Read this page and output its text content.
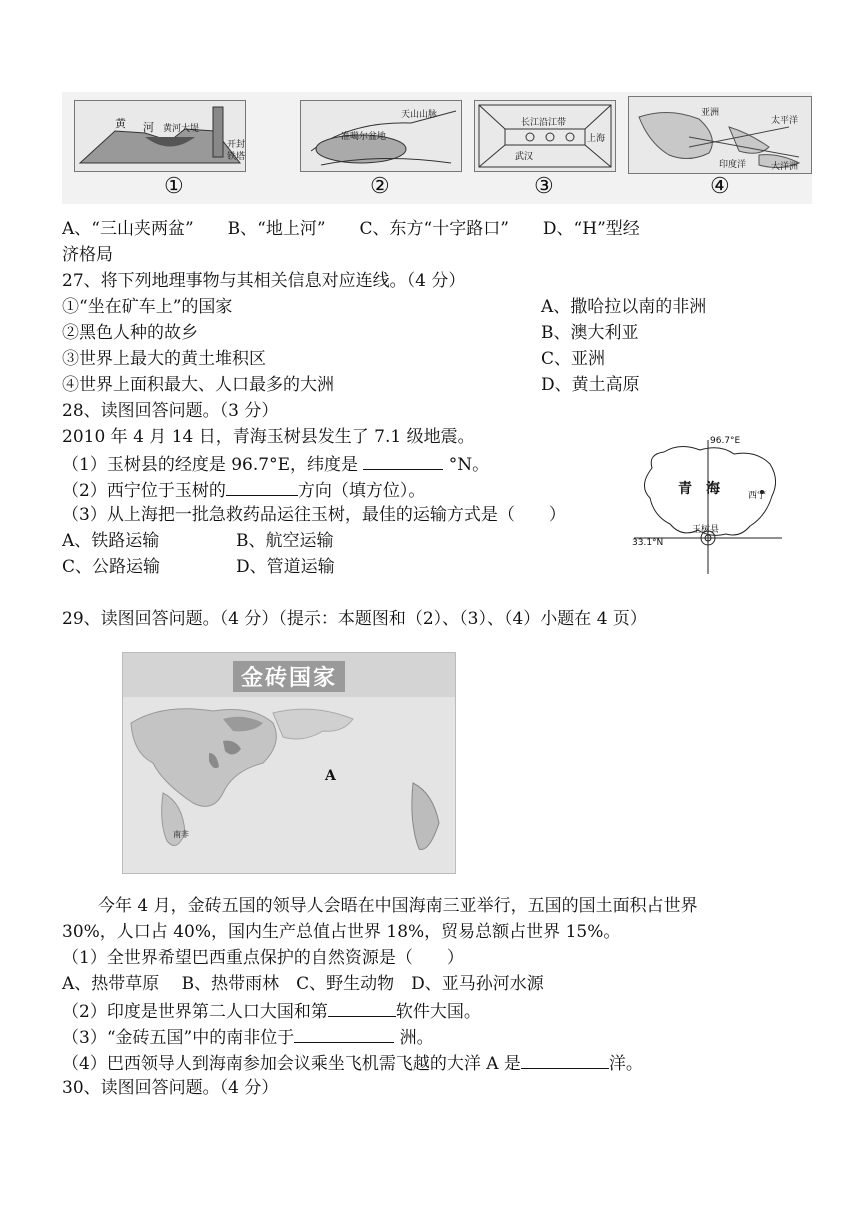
黄 河 黄河大堤
开封
铁塔
①
天山山脉
准噶尔盆地
②
长江沿江带
武汉
上海
③
亚洲
太平洋
印度洋	大洋洲
④
A、“三山夹两盆”　　B、“地上河”　　C、东方“十字路口”　　D、“H”型经
济格局
27、将下列地理事物与其相关信息对应连线。（4 分）
①“坐在矿车上”的国家	A、撒哈拉以南的非洲
②黑色人种的故乡	B、澳大利亚
③世界上最大的黄土堆积区	C、亚洲
④世界上面积最大、人口最多的大洲	D、黄土高原
28、读图回答问题。（3 分）
2010 年 4 月 14 日，青海玉树县发生了 7.1 级地震。
（1）玉树县的经度是 96.7°E，纬度是	°N。
（2）西宁位于玉树的	方向（填方位）。
（3）从上海把一批急救药品运往玉树，最佳的运输方式是（　　）
A、铁路运输	B、航空运输
C、公路运输	D、管道运输
96.7°E
青　海	西宁
玉树县
33.1°N
29、读图回答问题。（4 分）（提示：本题图和（2）、（3）、（4）小题在 4 页）
金砖国家
A
南非
今年 4 月，金砖五国的领导人会晤在中国海南三亚举行，五国的国土面积占世界
30%，人口占 40%，国内生产总值占世界 18%，贸易总额占世界 15%。
（1）全世界希望巴西重点保护的自然资源是（　　）
A、热带草原　 B、热带雨林　C、野生动物　D、亚马孙河水源
（2）印度是世界第二人口大国和第	软件大国。
（3）“金砖五国”中的南非位于	洲。
（4）巴西领导人到海南参加会议乘坐飞机需飞越的大洋 A 是	洋。
30、读图回答问题。（4 分）
